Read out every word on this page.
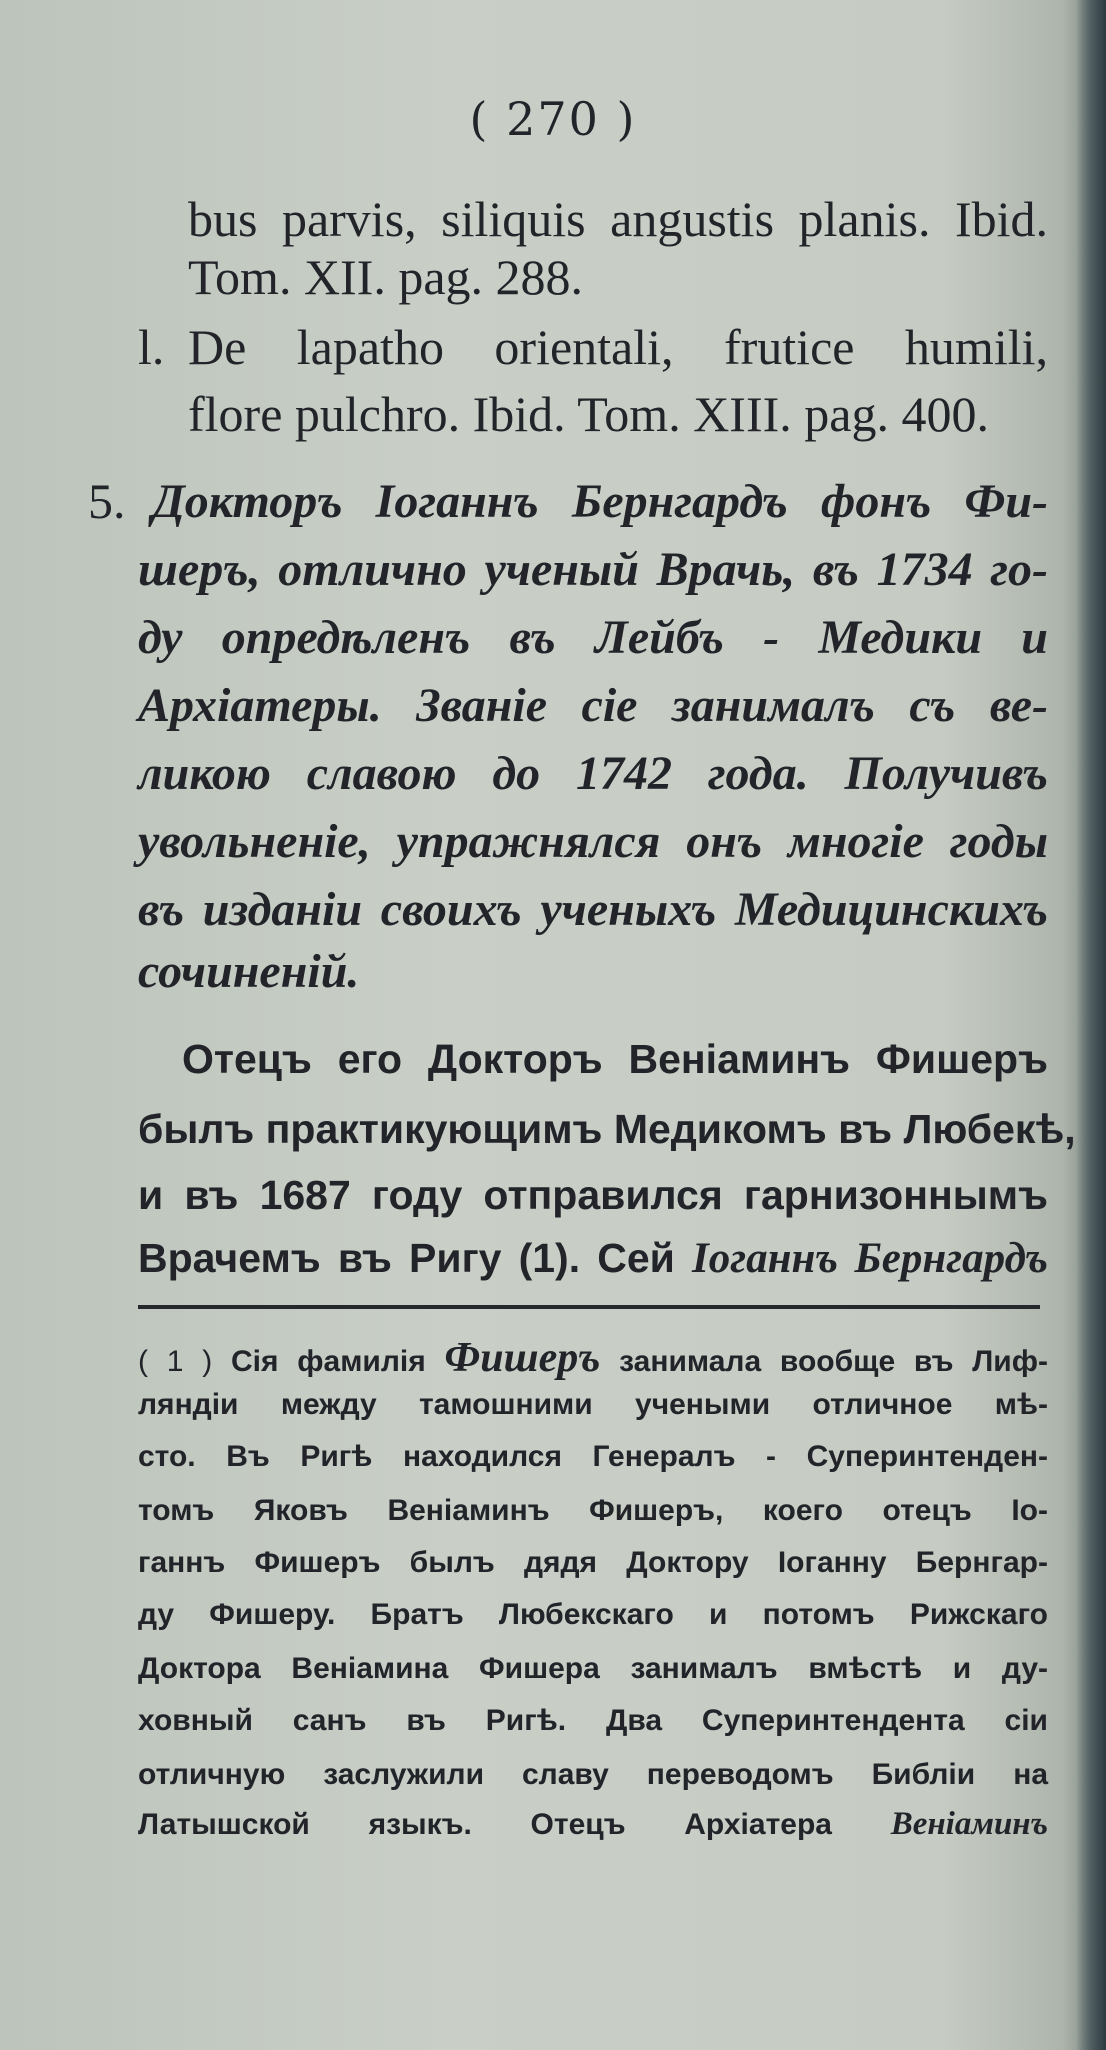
( 270 )
bus parvis, siliquis angustis planis. Ibid.
Tom. XII. pag. 288.
l. De lapatho orientali, frutice humili,
flore pulchro. Ibid. Tom. XIII. pag. 400.
5. Докторъ Іоганнъ Бернгардъ фонъ Фи-
шеръ, отлично ученый Врачь, въ 1734 го-
ду опредѣленъ въ Лейбъ - Медики и
Архіатеры. Званіе сіе занималъ съ ве-
ликою славою до 1742 года. Получивъ
увольненіе, упражнялся онъ многіе годы
въ изданіи своихъ ученыхъ Медицинскихъ
сочиненій.
Отецъ его Докторъ Веніаминъ Фишеръ
былъ практикующимъ Медикомъ въ Любекѣ,
и въ 1687 году отправился гарнизоннымъ
Врачемъ въ Ригу (1). Сей Іоганнъ Бернгардъ
( 1 ) Сія фамилія Фишеръ занимала вообще въ Лиф-
ляндіи между тамошними учеными отличное мѣ-
сто. Въ Ригѣ находился Генералъ - Суперинтенден-
томъ Яковъ Веніаминъ Фишеръ, коего отецъ Іо-
ганнъ Фишеръ былъ дядя Доктору Іоганну Бернгар-
ду Фишеру. Братъ Любекскаго и потомъ Рижскаго
Доктора Веніамина Фишера занималъ вмѣстѣ и ду-
ховный санъ въ Ригѣ. Два Суперинтендента сіи
отличную заслужили славу переводомъ Библіи на
Латышской языкъ. Отецъ Архіатера Веніаминъ
